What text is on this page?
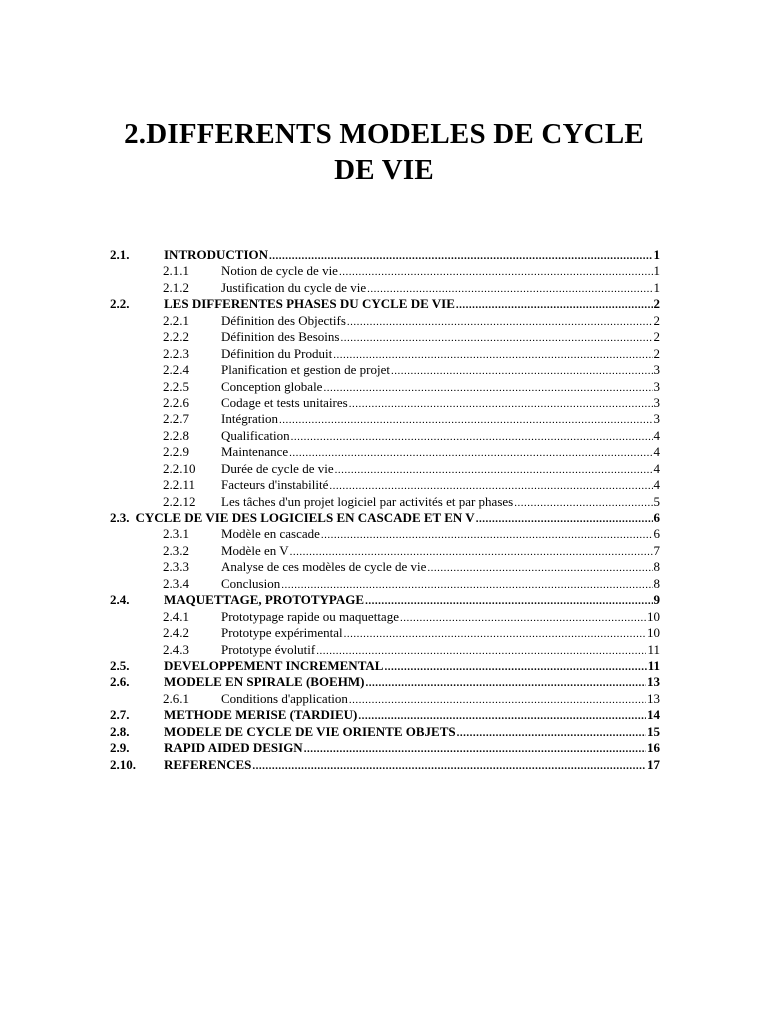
2.DIFFERENTS MODELES DE CYCLE
DE VIE
2.1.	INTRODUCTION .....	1
2.1.1	Notion de cycle de vie .....	1
2.1.2	Justification du cycle de vie .....	1
2.2.	LES DIFFERENTES PHASES DU CYCLE DE VIE .....	2
2.2.1	Définition des Objectifs .....	2
2.2.2	Définition des Besoins .....	2
2.2.3	Définition du Produit .....	2
2.2.4	Planification et gestion de projet .....	3
2.2.5	Conception globale .....	3
2.2.6	Codage et tests unitaires .....	3
2.2.7	Intégration .....	3
2.2.8	Qualification .....	4
2.2.9	Maintenance .....	4
2.2.10	Durée de cycle de vie .....	4
2.2.11	Facteurs d'instabilité .....	4
2.2.12	Les tâches d'un projet logiciel par activités et par phases .....	5
2.3. CYCLE DE VIE DES LOGICIELS EN CASCADE ET EN V .....	6
2.3.1	Modèle en cascade .....	6
2.3.2	Modèle en V .....	7
2.3.3	Analyse de ces modèles de cycle de vie .....	8
2.3.4	Conclusion .....	8
2.4.	MAQUETTAGE, PROTOTYPAGE .....	9
2.4.1	Prototypage rapide ou maquettage .....	10
2.4.2	Prototype expérimental .....	10
2.4.3	Prototype évolutif .....	11
2.5.	DEVELOPPEMENT INCREMENTAL .....	11
2.6.	MODELE EN SPIRALE (BOEHM) .....	13
2.6.1	Conditions d'application .....	13
2.7.	METHODE MERISE (TARDIEU) .....	14
2.8.	MODELE DE CYCLE DE VIE ORIENTE OBJETS .....	15
2.9.	RAPID AIDED DESIGN .....	16
2.10.	REFERENCES .....	17
